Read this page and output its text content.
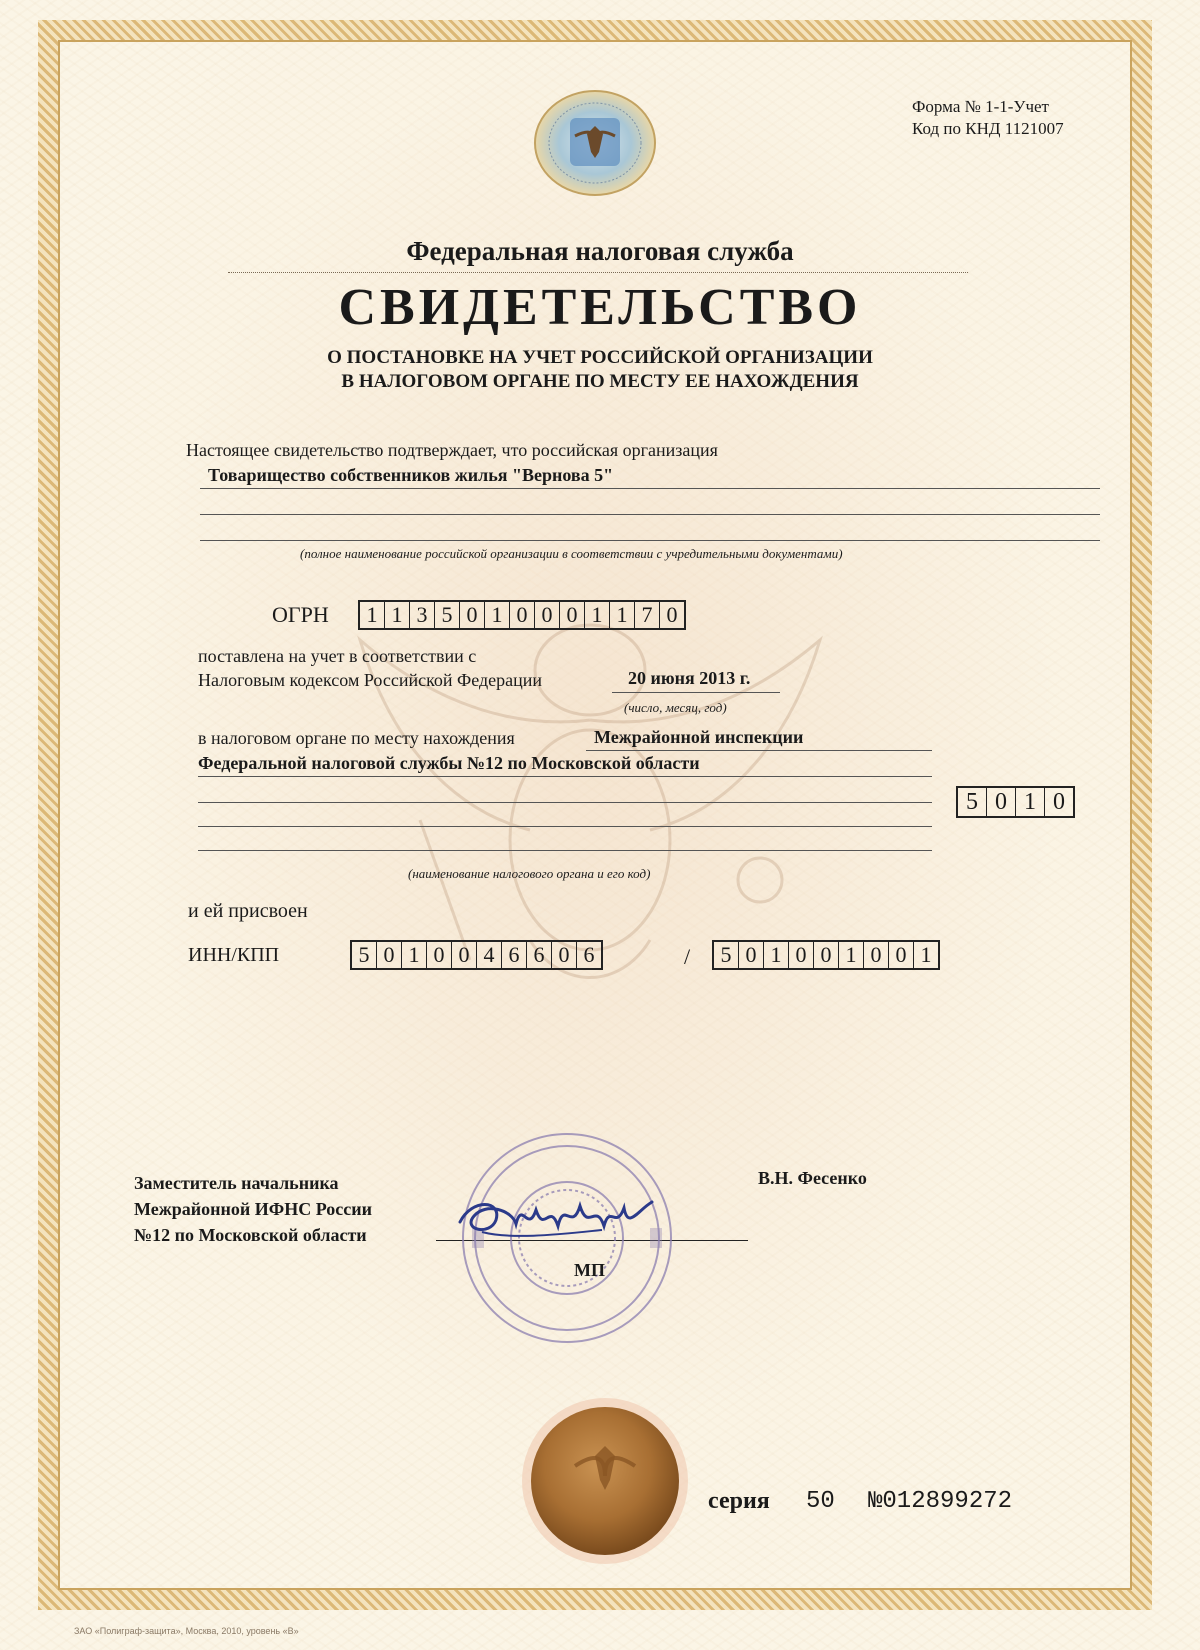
Форма № 1-1-Учет
Код по КНД 1121007
Федеральная налоговая служба
СВИДЕТЕЛЬСТВО
О ПОСТАНОВКЕ НА УЧЕТ РОССИЙСКОЙ ОРГАНИЗАЦИИ
В НАЛОГОВОМ ОРГАНЕ ПО МЕСТУ ЕЕ НАХОЖДЕНИЯ
Настоящее свидетельство подтверждает, что российская организация
Товарищество собственников жилья "Вернова 5"
(полное наименование российской организации в соответствии с учредительными документами)
ОГРН 1 1 3 5 0 1 0 0 0 1 1 7 0
поставлена на учет в соответствии с
Налоговым кодексом Российской Федерации	20 июня 2013 г.
(число, месяц, год)
в налоговом органе по месту нахождения	Межрайонной инспекции
Федеральной налоговой службы №12 по Московской области
5 0 1 0
(наименование налогового органа и его код)
и ей присвоен
ИНН/КПП	5 0 1 0 0 4 6 6 0 6	/ 5 0 1 0 0 1 0 0 1
Заместитель начальника
Межрайонной ИФНС России
№12 по Московской области
В.Н. Фесенко
МП
серия 50 №012899272
ЗАО «Полиграф-защита», Москва, 2010, уровень «В»
